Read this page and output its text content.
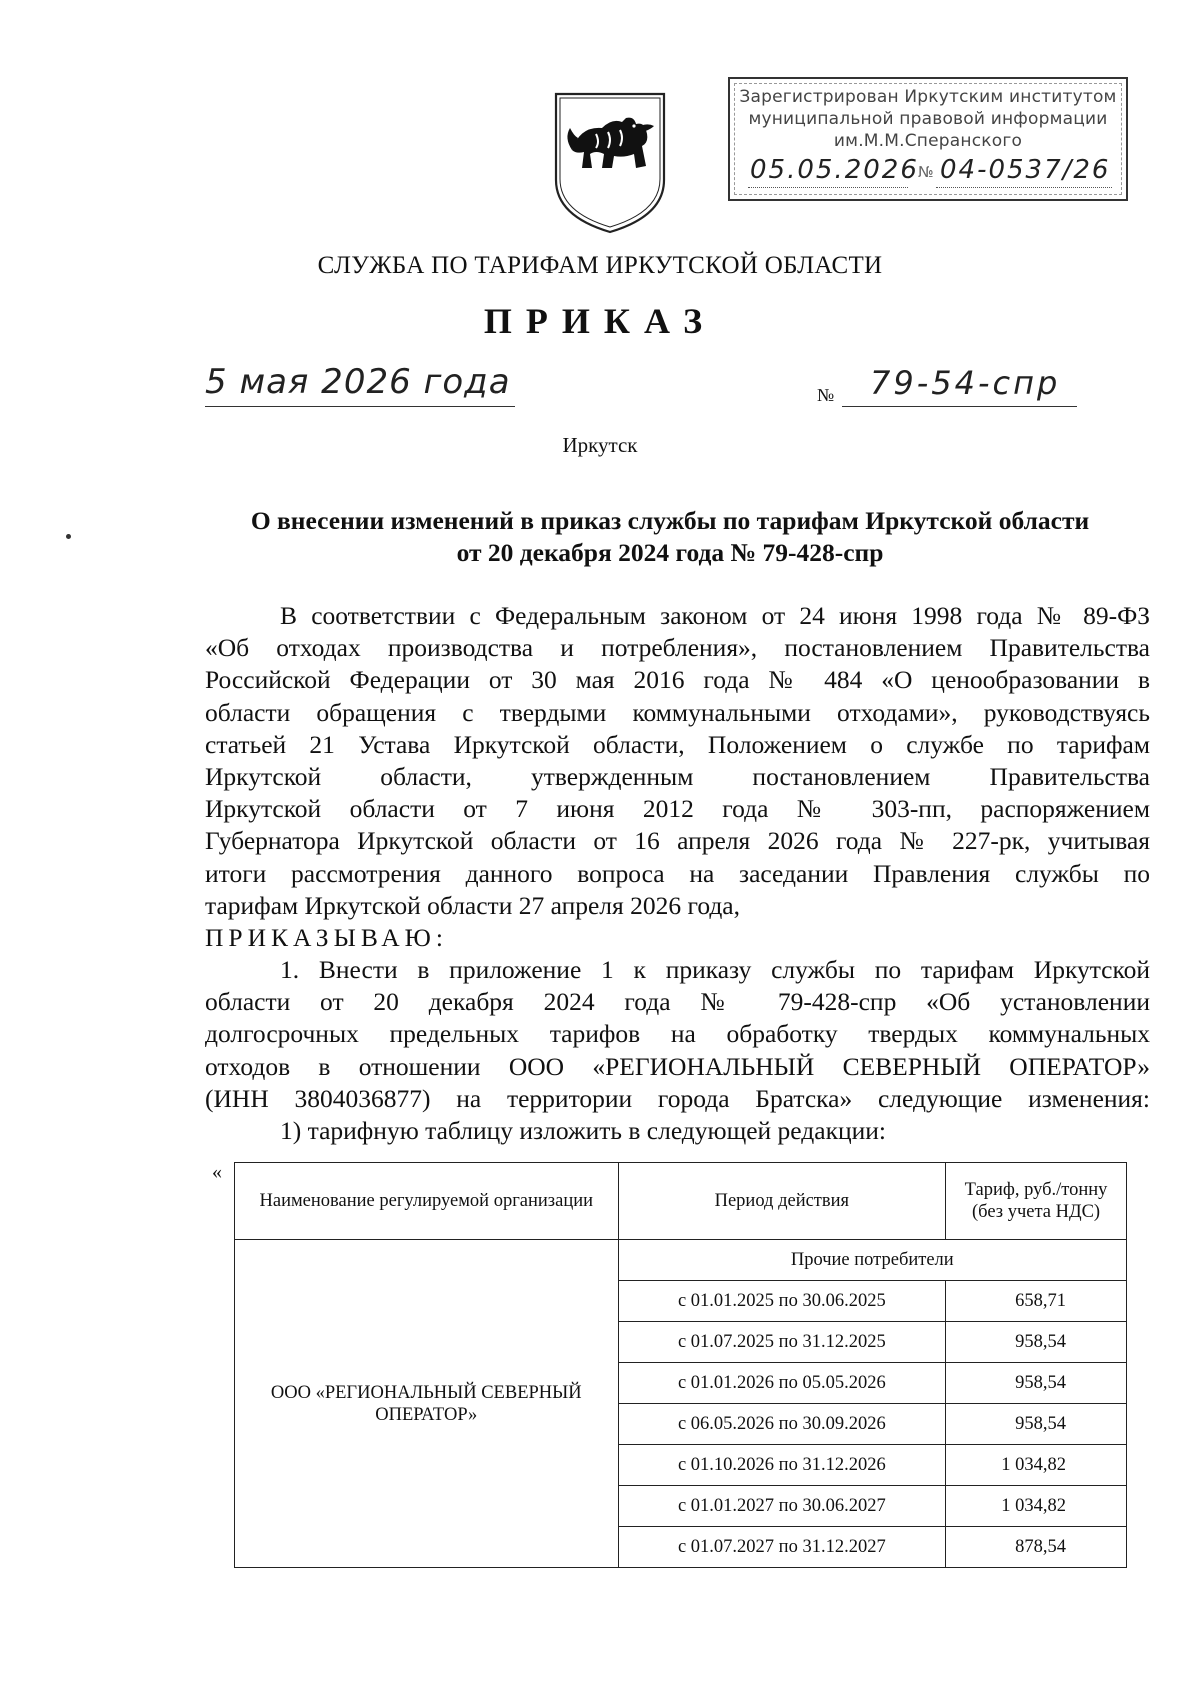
Зарегистрирован Иркутским институтом
муниципальной правовой информации
им.М.М.Сперанского
05.05.2026 № 04-0537/26
СЛУЖБА ПО ТАРИФАМ ИРКУТСКОЙ ОБЛАСТИ
ПРИКАЗ
5 мая 2026 года	№ 79-54-спр
Иркутск
О внесении изменений в приказ службы по тарифам Иркутской области
от 20 декабря 2024 года № 79-428-спр
В соответствии с Федеральным законом от 24 июня 1998 года № 89-ФЗ
«Об отходах производства и потребления», постановлением Правительства
Российской Федерации от 30 мая 2016 года № 484 «О ценообразовании в
области обращения с твердыми коммунальными отходами», руководствуясь
статьей 21 Устава Иркутской области, Положением о службе по тарифам
Иркутской области, утвержденным постановлением Правительства
Иркутской области от 7 июня 2012 года № 303-пп, распоряжением
Губернатора Иркутской области от 16 апреля 2026 года № 227-рк, учитывая
итоги рассмотрения данного вопроса на заседании Правления службы по
тарифам Иркутской области 27 апреля 2026 года,
ПРИКАЗЫВАЮ:
1. Внести в приложение 1 к приказу службы по тарифам Иркутской
области от 20 декабря 2024 года № 79-428-спр «Об установлении
долгосрочных предельных тарифов на обработку твердых коммунальных
отходов в отношении ООО «РЕГИОНАЛЬНЫЙ СЕВЕРНЫЙ ОПЕРАТОР»
(ИНН 3804036877) на территории города Братска» следующие изменения:
1) тарифную таблицу изложить в следующей редакции:
«
Наименование регулируемой организации	Период действия	Тариф, руб./тонну (без учета НДС)
ООО «РЕГИОНАЛЬНЫЙ СЕВЕРНЫЙ ОПЕРАТОР»	Прочие потребители	
	с 01.01.2025 по 30.06.2025	658,71
	с 01.07.2025 по 31.12.2025	958,54
	с 01.01.2026 по 05.05.2026	958,54
	с 06.05.2026 по 30.09.2026	958,54
	с 01.10.2026 по 31.12.2026	1 034,82
	с 01.01.2027 по 30.06.2027	1 034,82
	с 01.07.2027 по 31.12.2027	878,54
